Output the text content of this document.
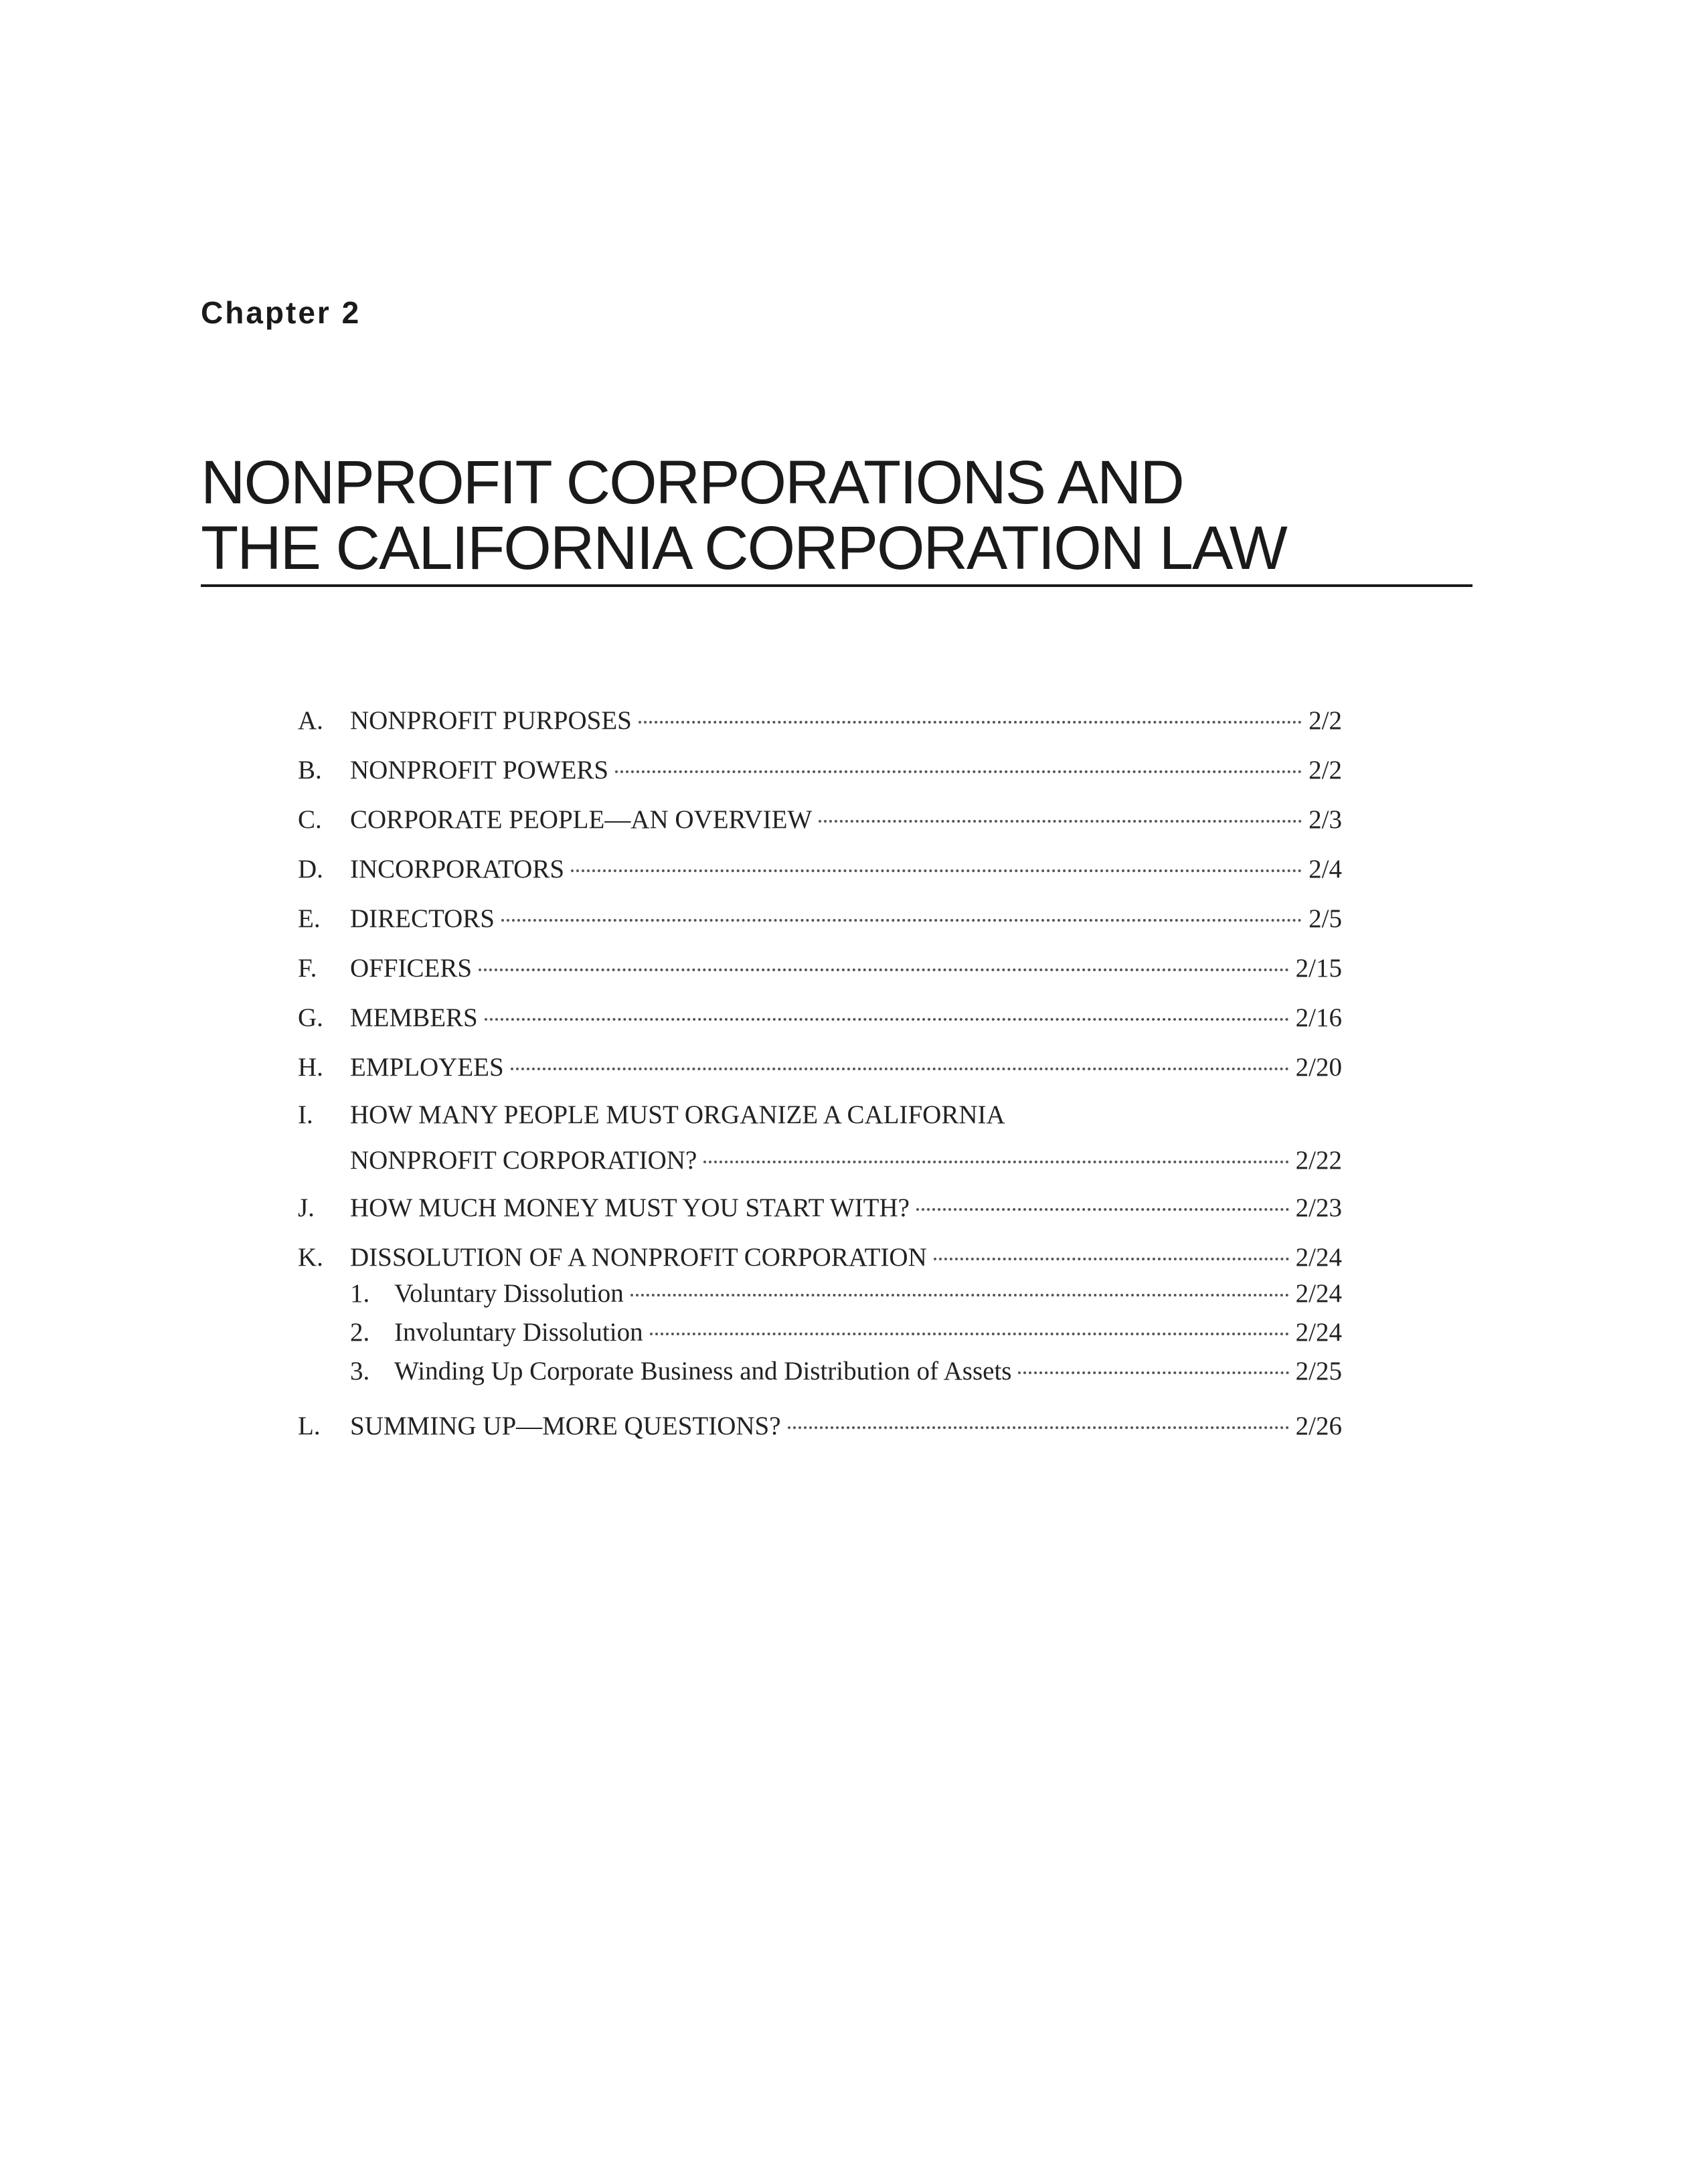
Chapter 2
NONPROFIT CORPORATIONS AND
THE CALIFORNIA CORPORATION LAW
A.	NONPROFIT PURPOSES	2/2
B.	NONPROFIT POWERS	2/2
C.	CORPORATE PEOPLE—AN OVERVIEW	2/3
D.	INCORPORATORS	2/4
E.	DIRECTORS	2/5
F.	OFFICERS	2/15
G.	MEMBERS	2/16
H.	EMPLOYEES	2/20
I.	HOW MANY PEOPLE MUST ORGANIZE A CALIFORNIA
NONPROFIT CORPORATION?	2/22
J.	HOW MUCH MONEY MUST YOU START WITH?	2/23
K.	DISSOLUTION OF A NONPROFIT CORPORATION	2/24
1. Voluntary Dissolution	2/24
2. Involuntary Dissolution	2/24
3. Winding Up Corporate Business and Distribution of Assets	2/25
L.	SUMMING UP—MORE QUESTIONS?	2/26
